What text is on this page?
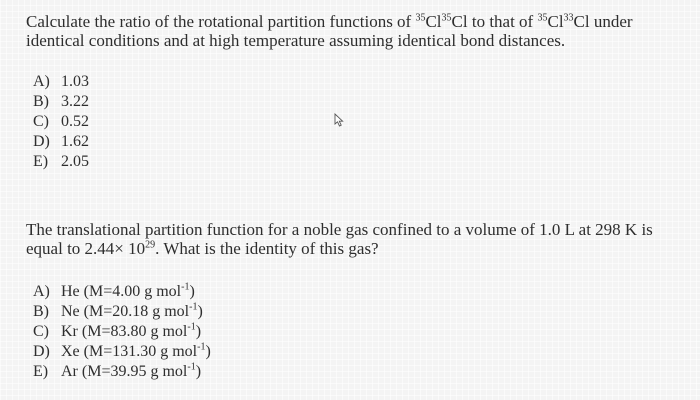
Calculate the ratio of the rotational partition functions of $^{35}$Cl$^{35}$Cl to that of $^{35}$Cl$^{33}$Cl under identical conditions and at high temperature assuming identical bond distances.
A) 1.03
B) 3.22
C) 0.52
D) 1.62
E) 2.05
The translational partition function for a noble gas confined to a volume of 1.0 L at 298 K is equal to $2.44\times 10^{29}$. What is the identity of this gas?
A) He (M=4.00 g mol$^{-1}$)
B) Ne (M=20.18 g mol$^{-1}$)
C) Kr (M=83.80 g mol$^{-1}$)
D) Xe (M=131.30 g mol$^{-1}$)
E) Ar (M=39.95 g mol$^{-1}$)
